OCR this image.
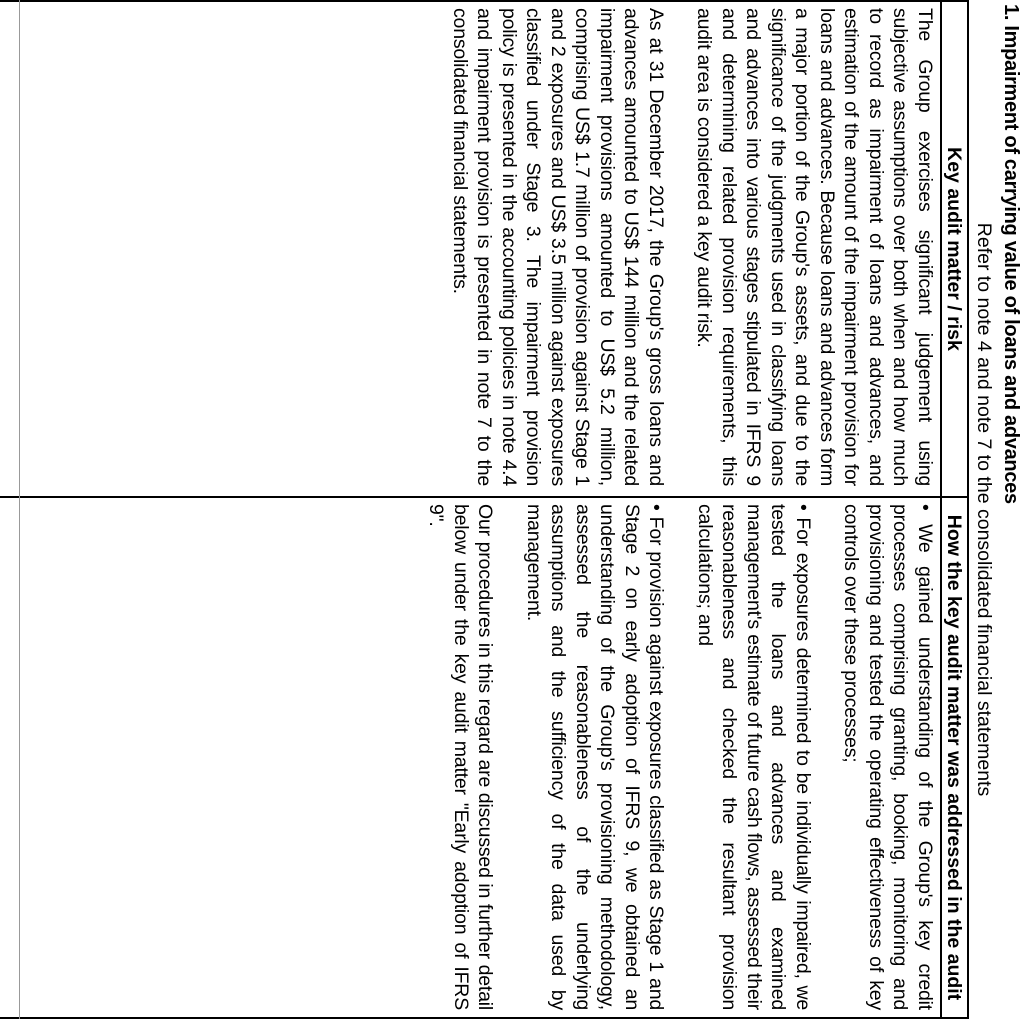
1. Impairment of carrying value of loans and advances
Refer to note 4 and note 7 to the consolidated financial statements
Key audit matter / risk
How the key audit matter was addressed in the audit

The Group exercises significant judgement using subjective assumptions over both when and how much to record as impairment of loans and advances, and estimation of the amount of the impairment provision for loans and advances. Because loans and advances form a major portion of the Group's assets, and due to the significance of the judgments used in classifying loans and advances into various stages stipulated in IFRS 9 and determining related provision requirements, this audit area is considered a key audit risk.

As at 31 December 2017, the Group's gross loans and advances amounted to US$ 144 million and the related impairment provisions amounted to US$ 5.2 million, comprising US$ 1.7 million of provision against Stage 1 and 2 exposures and US$ 3.5 million against exposures classified under Stage 3. The impairment provision policy is presented in the accounting policies in note 4.4 and impairment provision is presented in note 7 to the consolidated financial statements.

• We gained understanding of the Group's key credit processes comprising granting, booking, monitoring and provisioning and tested the operating effectiveness of key controls over these processes;

• For exposures determined to be individually impaired, we tested the loans and advances and examined management's estimate of future cash flows, assessed their reasonableness and checked the resultant provision calculations; and

• For provision against exposures classified as Stage 1 and Stage 2 on early adoption of IFRS 9, we obtained an understanding of the Group's provisioning methodology, assessed the reasonableness of the underlying assumptions and the sufficiency of the data used by management.

Our procedures in this regard are discussed in further detail below under the key audit matter "Early adoption of IFRS 9".
